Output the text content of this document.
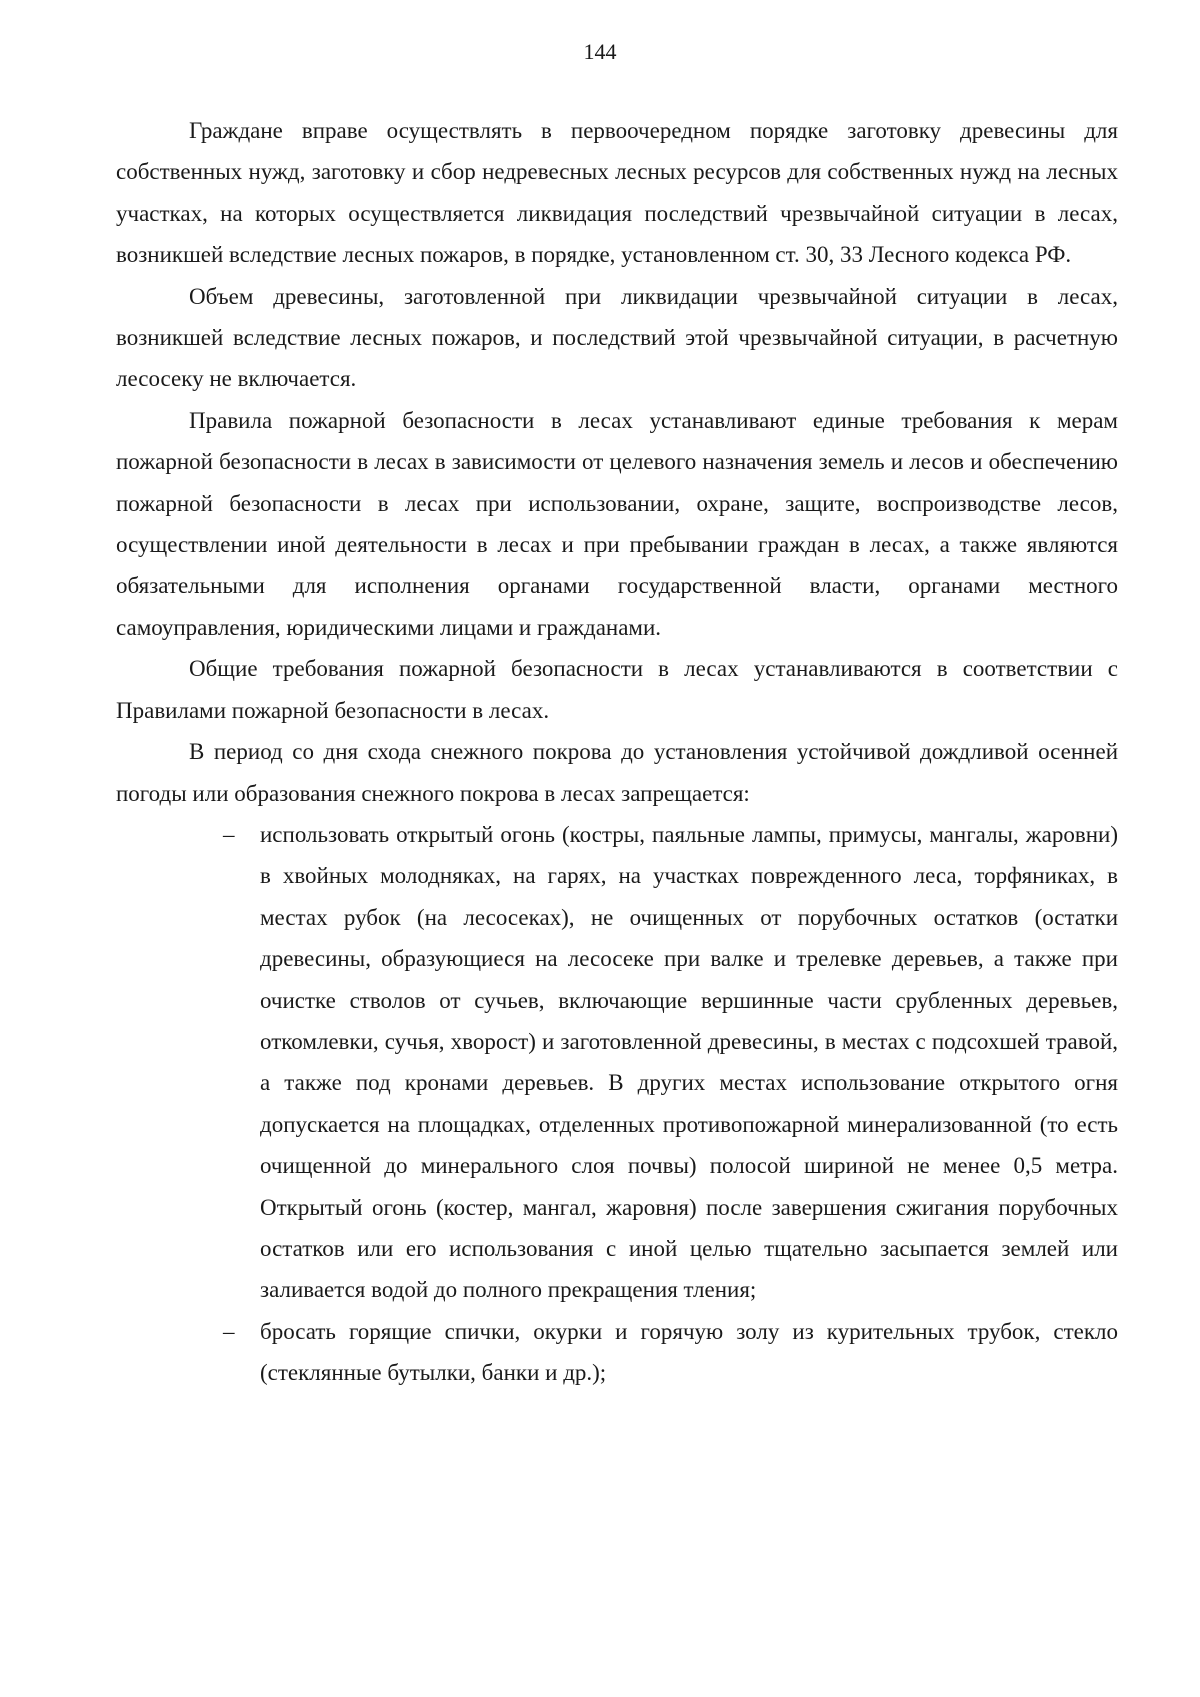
144

Граждане вправе осуществлять в первоочередном порядке заготовку древесины для собственных нужд, заготовку и сбор недревесных лесных ресурсов для собственных нужд на лесных участках, на которых осуществляется ликвидация последствий чрезвычайной ситуации в лесах, возникшей вследствие лесных пожаров, в порядке, установленном ст. 30, 33 Лесного кодекса РФ.

Объем древесины, заготовленной при ликвидации чрезвычайной ситуации в лесах, возникшей вследствие лесных пожаров, и последствий этой чрезвычайной ситуации, в расчетную лесосеку не включается.

Правила пожарной безопасности в лесах устанавливают единые требования к мерам пожарной безопасности в лесах в зависимости от целевого назначения земель и лесов и обеспечению пожарной безопасности в лесах при использовании, охране, защите, воспроизводстве лесов, осуществлении иной деятельности в лесах и при пребывании граждан в лесах, а также являются обязательными для исполнения органами государственной власти, органами местного самоуправления, юридическими лицами и гражданами.

Общие требования пожарной безопасности в лесах устанавливаются в соответствии с Правилами пожарной безопасности в лесах.

В период со дня схода снежного покрова до установления устойчивой дождливой осенней погоды или образования снежного покрова в лесах запрещается:

– использовать открытый огонь (костры, паяльные лампы, примусы, мангалы, жаровни) в хвойных молодняках, на гарях, на участках поврежденного леса, торфяниках, в местах рубок (на лесосеках), не очищенных от порубочных остатков (остатки древесины, образующиеся на лесосеке при валке и трелевке деревьев, а также при очистке стволов от сучьев, включающие вершинные части срубленных деревьев, откомлевки, сучья, хворост) и заготовленной древесины, в местах с подсохшей травой, а также под кронами деревьев. В других местах использование открытого огня допускается на площадках, отделенных противопожарной минерализованной (то есть очищенной до минерального слоя почвы) полосой шириной не менее 0,5 метра. Открытый огонь (костер, мангал, жаровня) после завершения сжигания порубочных остатков или его использования с иной целью тщательно засыпается землей или заливается водой до полного прекращения тления;
– бросать горящие спички, окурки и горячую золу из курительных трубок, стекло (стеклянные бутылки, банки и др.);
